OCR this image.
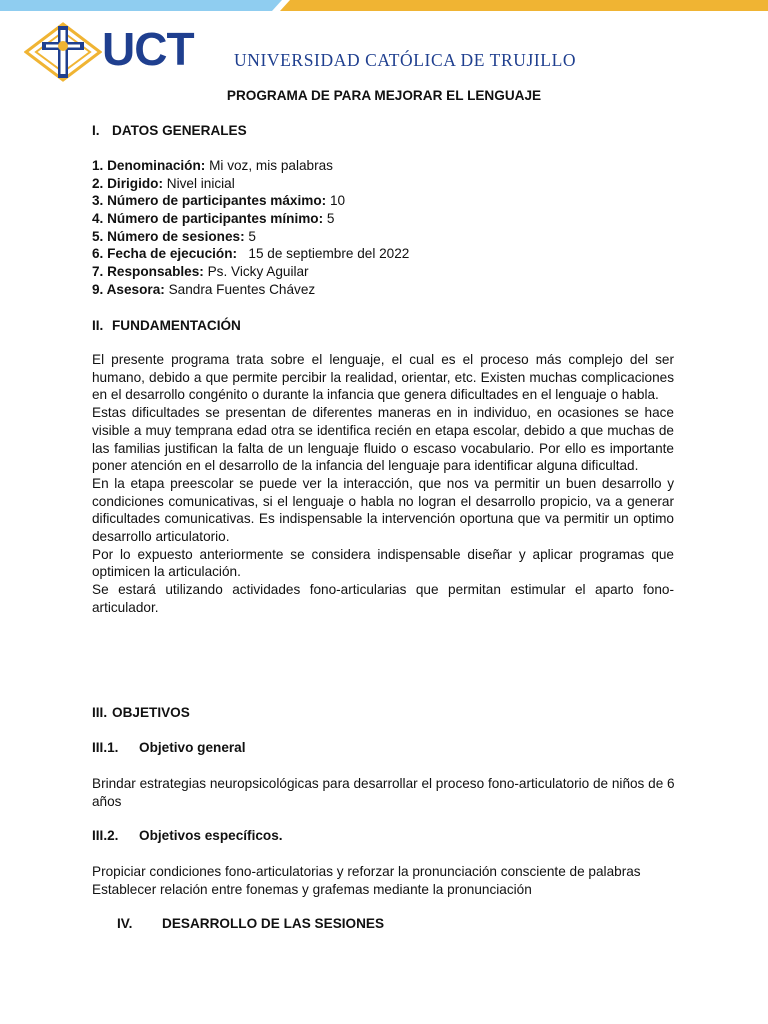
UCT UNIVERSIDAD CATÓLICA DE TRUJILLO
PROGRAMA DE PARA MEJORAR EL LENGUAJE
I. DATOS GENERALES
1. Denominación: Mi voz, mis palabras
2. Dirigido: Nivel inicial
3. Número de participantes máximo: 10
4. Número de participantes mínimo: 5
5. Número de sesiones: 5
6. Fecha de ejecución:   15 de septiembre del 2022
7. Responsables: Ps. Vicky Aguilar
9. Asesora: Sandra Fuentes Chávez
II. FUNDAMENTACIÓN

El presente programa trata sobre el lenguaje, el cual es el proceso más complejo del ser humano, debido a que permite percibir la realidad, orientar, etc. Existen muchas complicaciones en el desarrollo congénito o durante la infancia que genera dificultades en el lenguaje o habla.

Estas dificultades se presentan de diferentes maneras en in individuo, en ocasiones se hace visible a muy temprana edad otra se identifica recién en etapa escolar, debido a que muchas de las familias justifican la falta de un lenguaje fluido o escaso vocabulario. Por ello es importante poner atención en el desarrollo de la infancia del lenguaje para identificar alguna dificultad.

En la etapa preescolar se puede ver la interacción, que nos va permitir un buen desarrollo y condiciones comunicativas, si el lenguaje o habla no logran el desarrollo propicio, va a generar dificultades comunicativas. Es indispensable la intervención oportuna que va permitir un optimo desarrollo articulatorio.

Por lo expuesto anteriormente se considera indispensable diseñar y aplicar programas que optimicen la articulación.

Se estará utilizando actividades fono-articularias que permitan estimular el aparto fono-articulador.

III. OBJETIVOS
III.1. Objetivo general
Brindar estrategias neuropsicológicas para desarrollar el proceso fono-articulatorio de niños de 6 años
III.2. Objetivos específicos.
Propiciar condiciones fono-articulatorias y reforzar la pronunciación consciente de palabras
Establecer relación entre fonemas y grafemas mediante la pronunciación
IV. DESARROLLO DE LAS SESIONES
